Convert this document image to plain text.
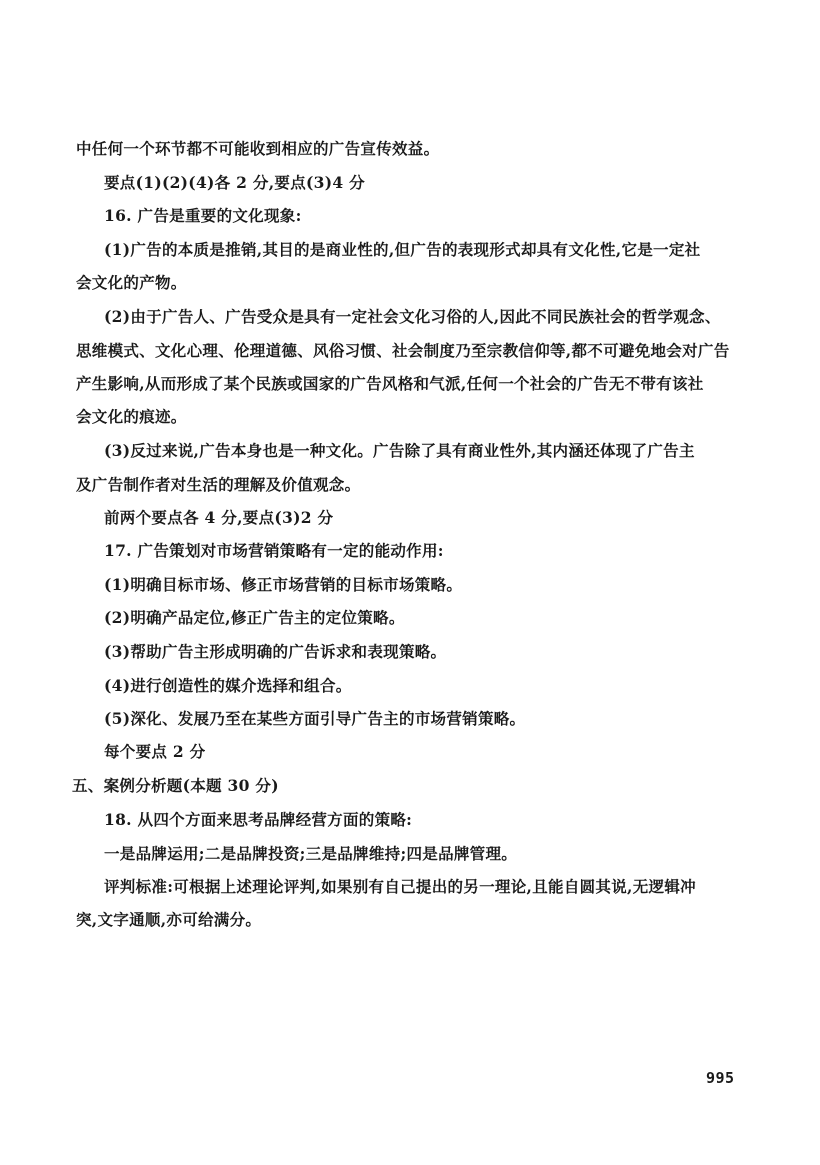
中任何一个环节都不可能收到相应的广告宣传效益。
要点(1)(2)(4)各 2 分,要点(3)4 分
16. 广告是重要的文化现象:
(1)广告的本质是推销,其目的是商业性的,但广告的表现形式却具有文化性,它是一定社
会文化的产物。
(2)由于广告人、广告受众是具有一定社会文化习俗的人,因此不同民族社会的哲学观念、
思维模式、文化心理、伦理道德、风俗习惯、社会制度乃至宗教信仰等,都不可避免地会对广告
产生影响,从而形成了某个民族或国家的广告风格和气派,任何一个社会的广告无不带有该社
会文化的痕迹。
(3)反过来说,广告本身也是一种文化。广告除了具有商业性外,其内涵还体现了广告主
及广告制作者对生活的理解及价值观念。
前两个要点各 4 分,要点(3)2 分
17. 广告策划对市场营销策略有一定的能动作用:
(1)明确目标市场、修正市场营销的目标市场策略。
(2)明确产品定位,修正广告主的定位策略。
(3)帮助广告主形成明确的广告诉求和表现策略。
(4)进行创造性的媒介选择和组合。
(5)深化、发展乃至在某些方面引导广告主的市场营销策略。
每个要点 2 分
五、案例分析题(本题 30 分)
18. 从四个方面来思考品牌经营方面的策略:
一是品牌运用;二是品牌投资;三是品牌维持;四是品牌管理。
评判标准:可根据上述理论评判,如果别有自己提出的另一理论,且能自圆其说,无逻辑冲
突,文字通顺,亦可给满分。
995
